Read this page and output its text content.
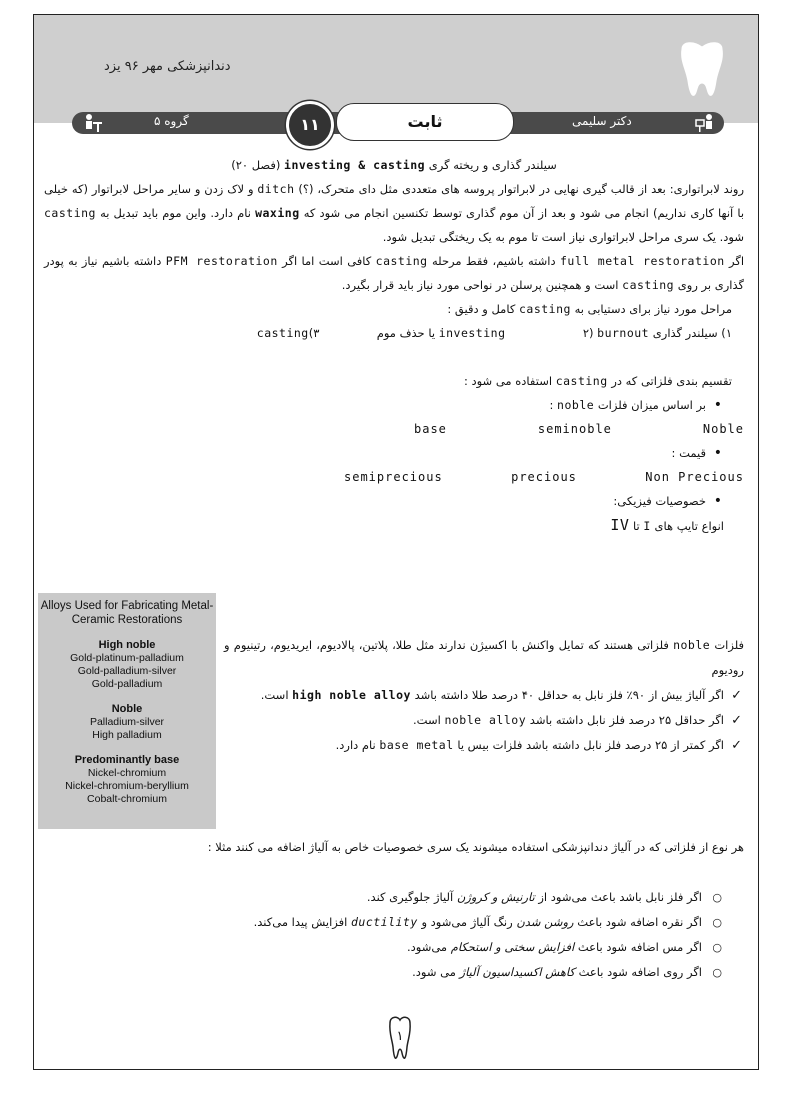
دندانپزشکی مهر ۹۶ یزد
گروه ۵	۱۱	ثابت	دکتر سلیمی

سیلندر گذاری و ریخته گری investing & casting (فصل ۲۰)

روند لابراتواری: بعد از قالب گیری نهایی در لابراتوار پروسه های متعددی مثل دای متحرک، (؟) ditch و لاک زدن و سایر مراحل لابراتوار (که خیلی با آنها کاری نداریم) انجام می شود و بعد از آن موم گذاری توسط تکنسین انجام می شود که waxing نام دارد. واین موم باید تبدیل به casting شود. یک سری مراحل لابراتواری نیاز است تا موم به یک ریختگی تبدیل شود.

اگر full metal restoration داشته باشیم، فقط مرحله casting کافی است اما اگر PFM restoration داشته باشیم نیاز به پودر گذاری بر روی casting است و همچنین پرسلن در نواحی مورد نیاز باید قرار بگیرد.

مراحل مورد نیاز برای دستیابی به casting کامل و دقیق :

۱) سیلندر گذاری investing	۲) burnout یا حذف موم  casting(۳

تقسیم بندی فلزاتی که در casting استفاده می شود :

• بر اساس میزان فلزات noble :

base	seminoble	Noble

• قیمت :

semiprecious	precious	Non Precious

• خصوصیات فیزیکی:

انواع تایپ های I تا IV

Alloys Used for Fabricating Metal-Ceramic Restorations
High noble
Gold-platinum-palladium
Gold-palladium-silver
Gold-palladium
Noble
Palladium-silver
High palladium
Predominantly base
Nickel-chromium
Nickel-chromium-beryllium
Cobalt-chromium

فلزات noble فلزاتی هستند که تمایل واکنش با اکسیژن ندارند مثل طلا، پلاتین، پالادیوم، ایریدیوم، رتینیوم و رودیوم

✓ اگر آلیاژ بیش از ۹۰٪ فلز نابل به حداقل ۴۰ درصد طلا داشته باشد high noble alloy است.

✓ اگر حداقل ۲۵ درصد فلز نابل داشته باشد noble alloy است.

✓ اگر کمتر از ۲۵ درصد فلز نابل داشته باشد فلزات بیس یا base metal نام دارد.

هر نوع از فلزاتی که در آلیاژ دندانپزشکی استفاده میشوند یک سری خصوصیات خاص به آلیاژ اضافه می کنند مثلا :

○ اگر فلز نابل باشد باعث می‌شود از تارنیش و کروژن آلیاژ جلوگیری کند.

○ اگر نقره اضافه شود باعث روشن شدن رنگ آلیاژ می‌شود و ductility افزایش پیدا می‌کند.

○ اگر مس اضافه شود باعث افزایش سختی و استحکام می‌شود.

○ اگر روی اضافه شود باعث کاهش اکسیداسیون آلیاژ می شود.

۱
